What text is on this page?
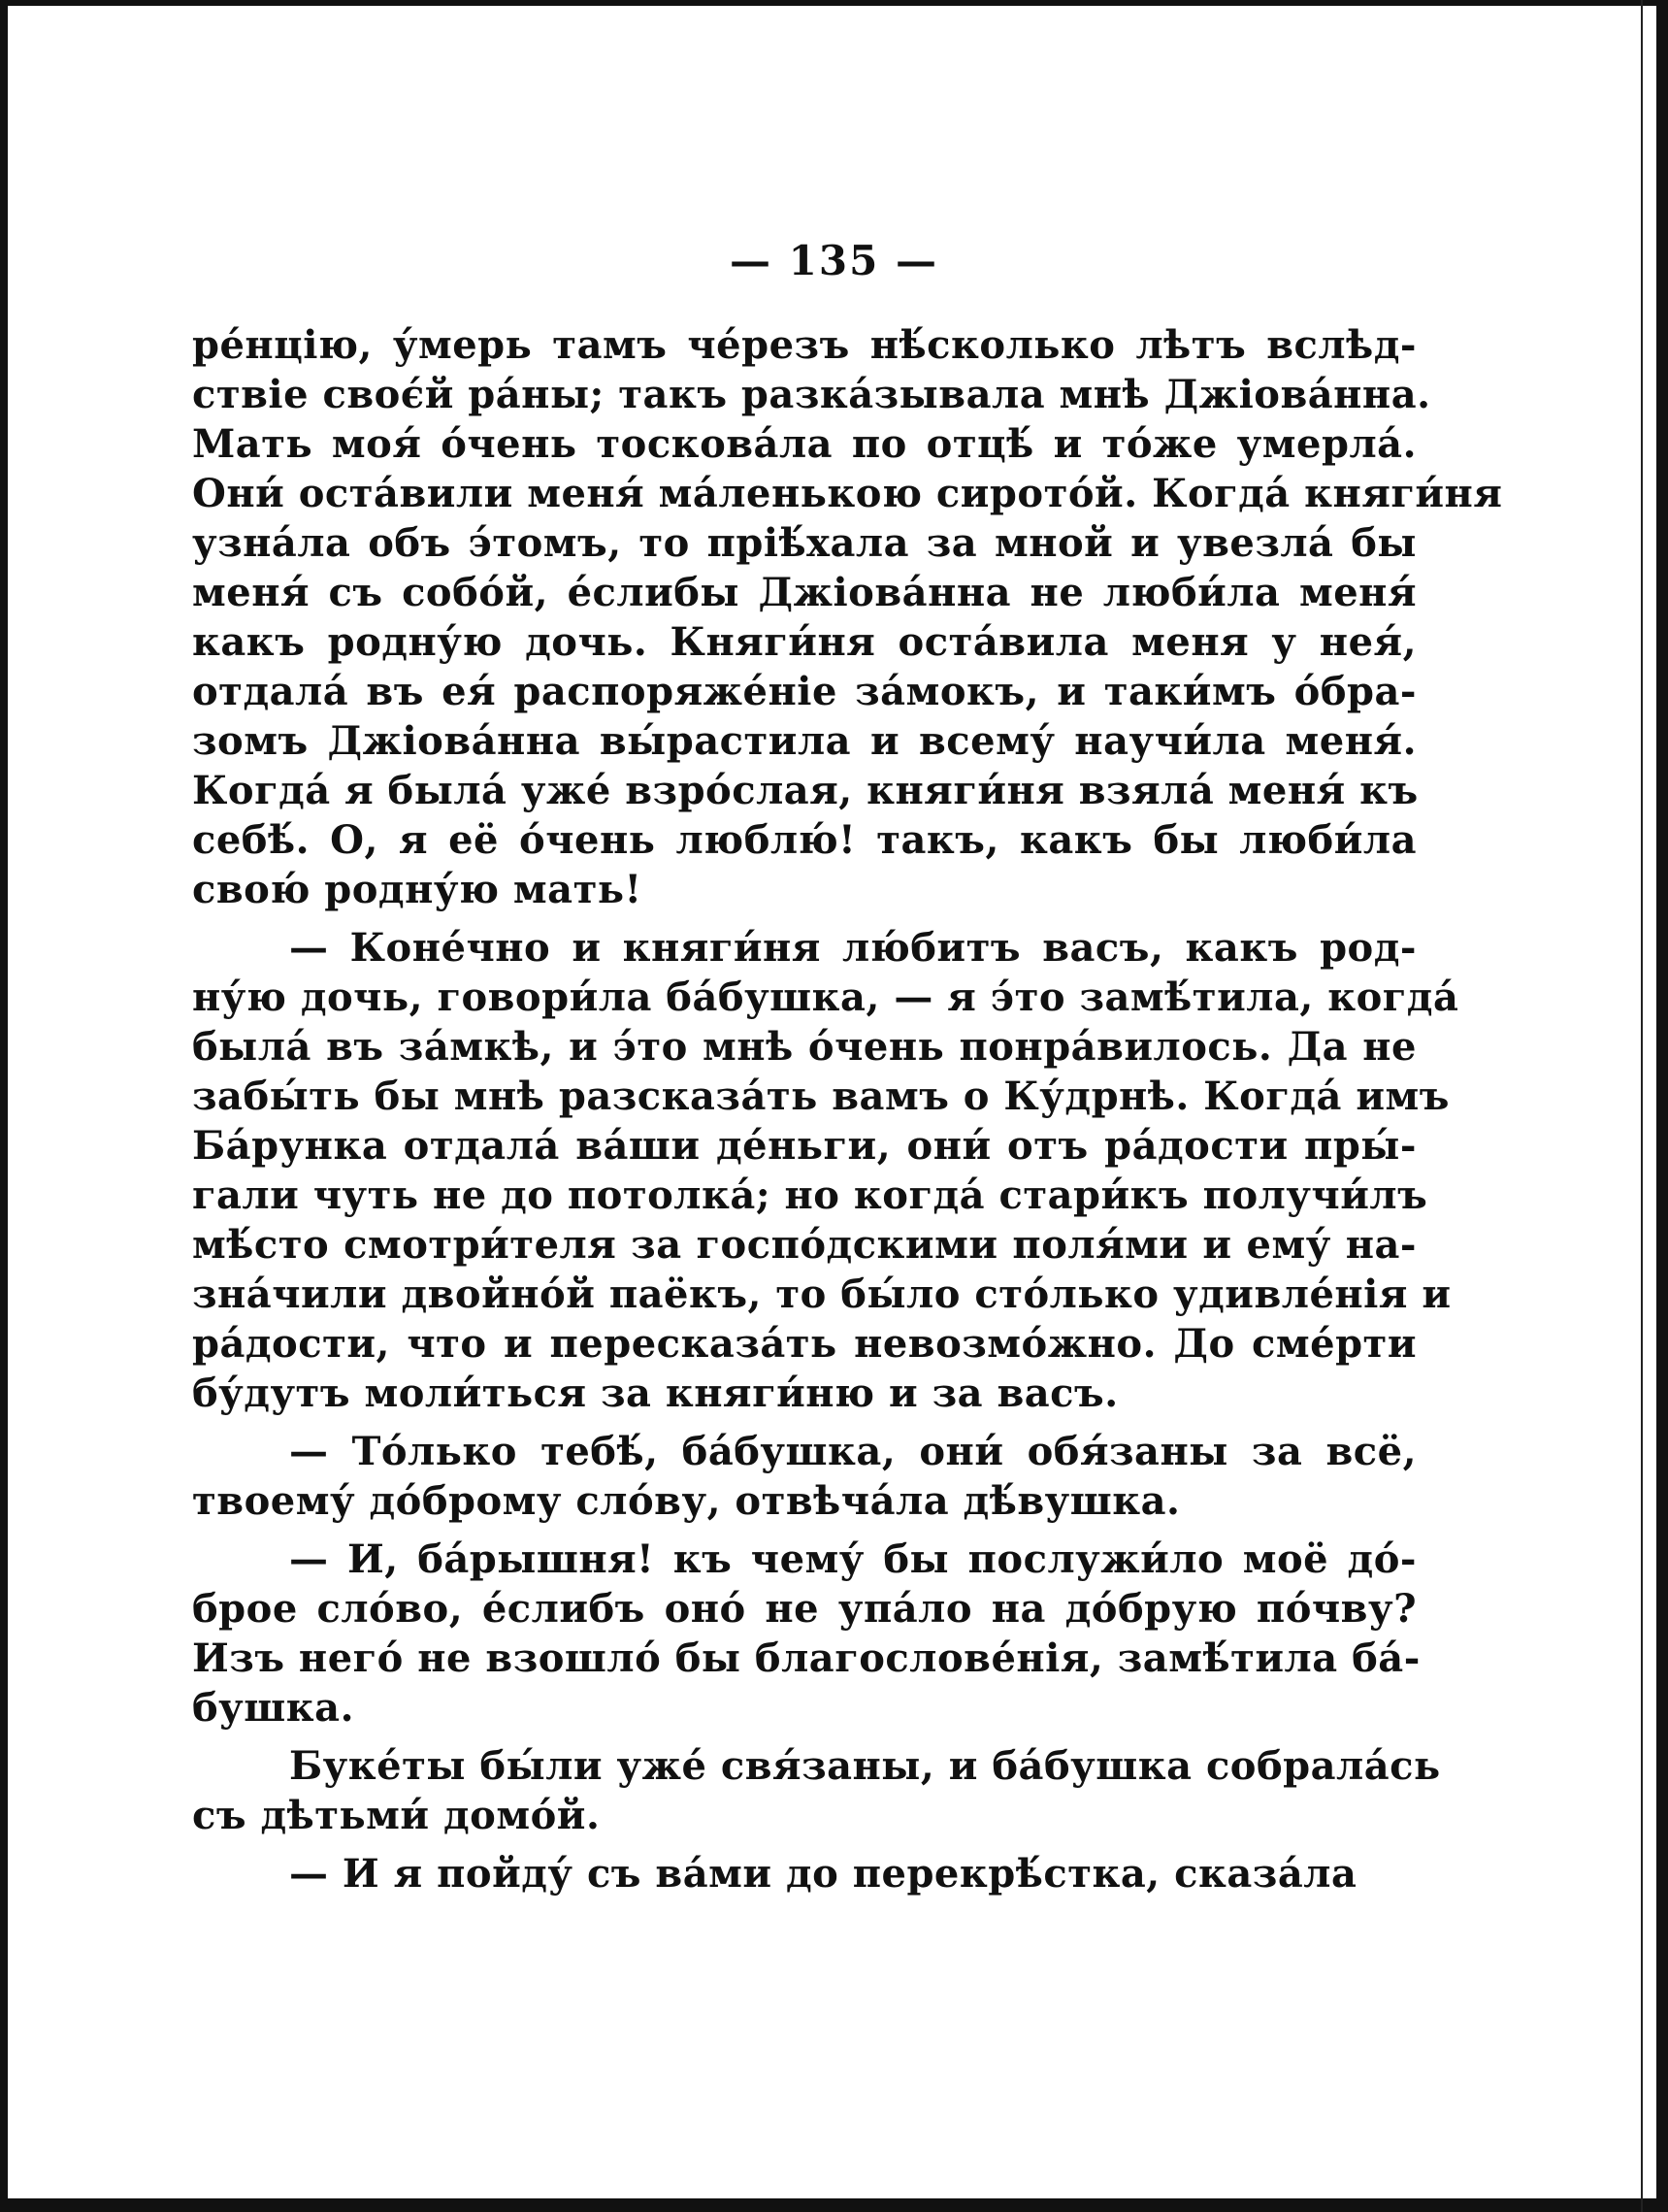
— 135 —
ре́нцію, у́мерь тамъ че́резъ нѣ́сколько лѣтъ вслѣд-
ствіе своє́й ра́ны; такъ разка́зывала мнѣ Джіова́нна.
Мать моя́ о́чень тоскова́ла по отцѣ́ и то́же умерла́.
Они́ оста́вили меня́ ма́ленькою сирото́й. Когда́ княги́ня
узна́ла объ э́томъ, то пріѣ́хала за мной и увезла́ бы
меня́ съ собо́й, е́слибы Джіова́нна не люби́ла меня́
какъ родну́ю дочь. Княги́ня оста́вила меня у нея́,
отдала́ въ ея́ распоряже́ніе за́мокъ, и таки́мъ о́бра-
зомъ Джіова́нна вы́растила и всему́ научи́ла меня́.
Когда́ я была́ уже́ взро́слая, княги́ня взяла́ меня́ къ
себѣ́. О, я её о́чень люблю́! такъ, какъ бы люби́ла
свою́ родну́ю мать!
— Коне́чно и княги́ня лю́битъ васъ, какъ род-
ну́ю дочь, говори́ла ба́бушка, — я э́то замѣ́тила, когда́
была́ въ за́мкѣ, и э́то мнѣ о́чень понра́вилось. Да не
забы́ть бы мнѣ разсказа́ть вамъ о Ку́дрнѣ. Когда́ имъ
Ба́рунка отдала́ ва́ши де́ньги, они́ отъ ра́дости пры́-
гали чуть не до потолка́; но когда́ стари́къ получи́лъ
мѣ́сто смотри́теля за госпо́дскими поля́ми и ему́ на-
зна́чили двойно́й паёкъ, то бы́ло сто́лько удивле́нія и
ра́дости, что и пересказа́ть невозмо́жно. До сме́рти
бу́дутъ моли́ться за княги́ню и за васъ.
— То́лько тебѣ́, ба́бушка, они́ обя́заны за всё,
твоему́ до́брому сло́ву, отвѣча́ла дѣ́вушка.
— И, ба́рышня! къ чему́ бы послужи́ло моё до́-
брое сло́во, е́слибъ оно́ не упа́ло на до́брую по́чву?
Изъ него́ не взошло́ бы благослове́нія, замѣ́тила ба́-
бушка.
Буке́ты бы́ли уже́ свя́заны, и ба́бушка собрала́сь
съ дѣтьми́ домо́й.
— И я пойду́ съ ва́ми до перекрѣ́стка, сказа́ла
